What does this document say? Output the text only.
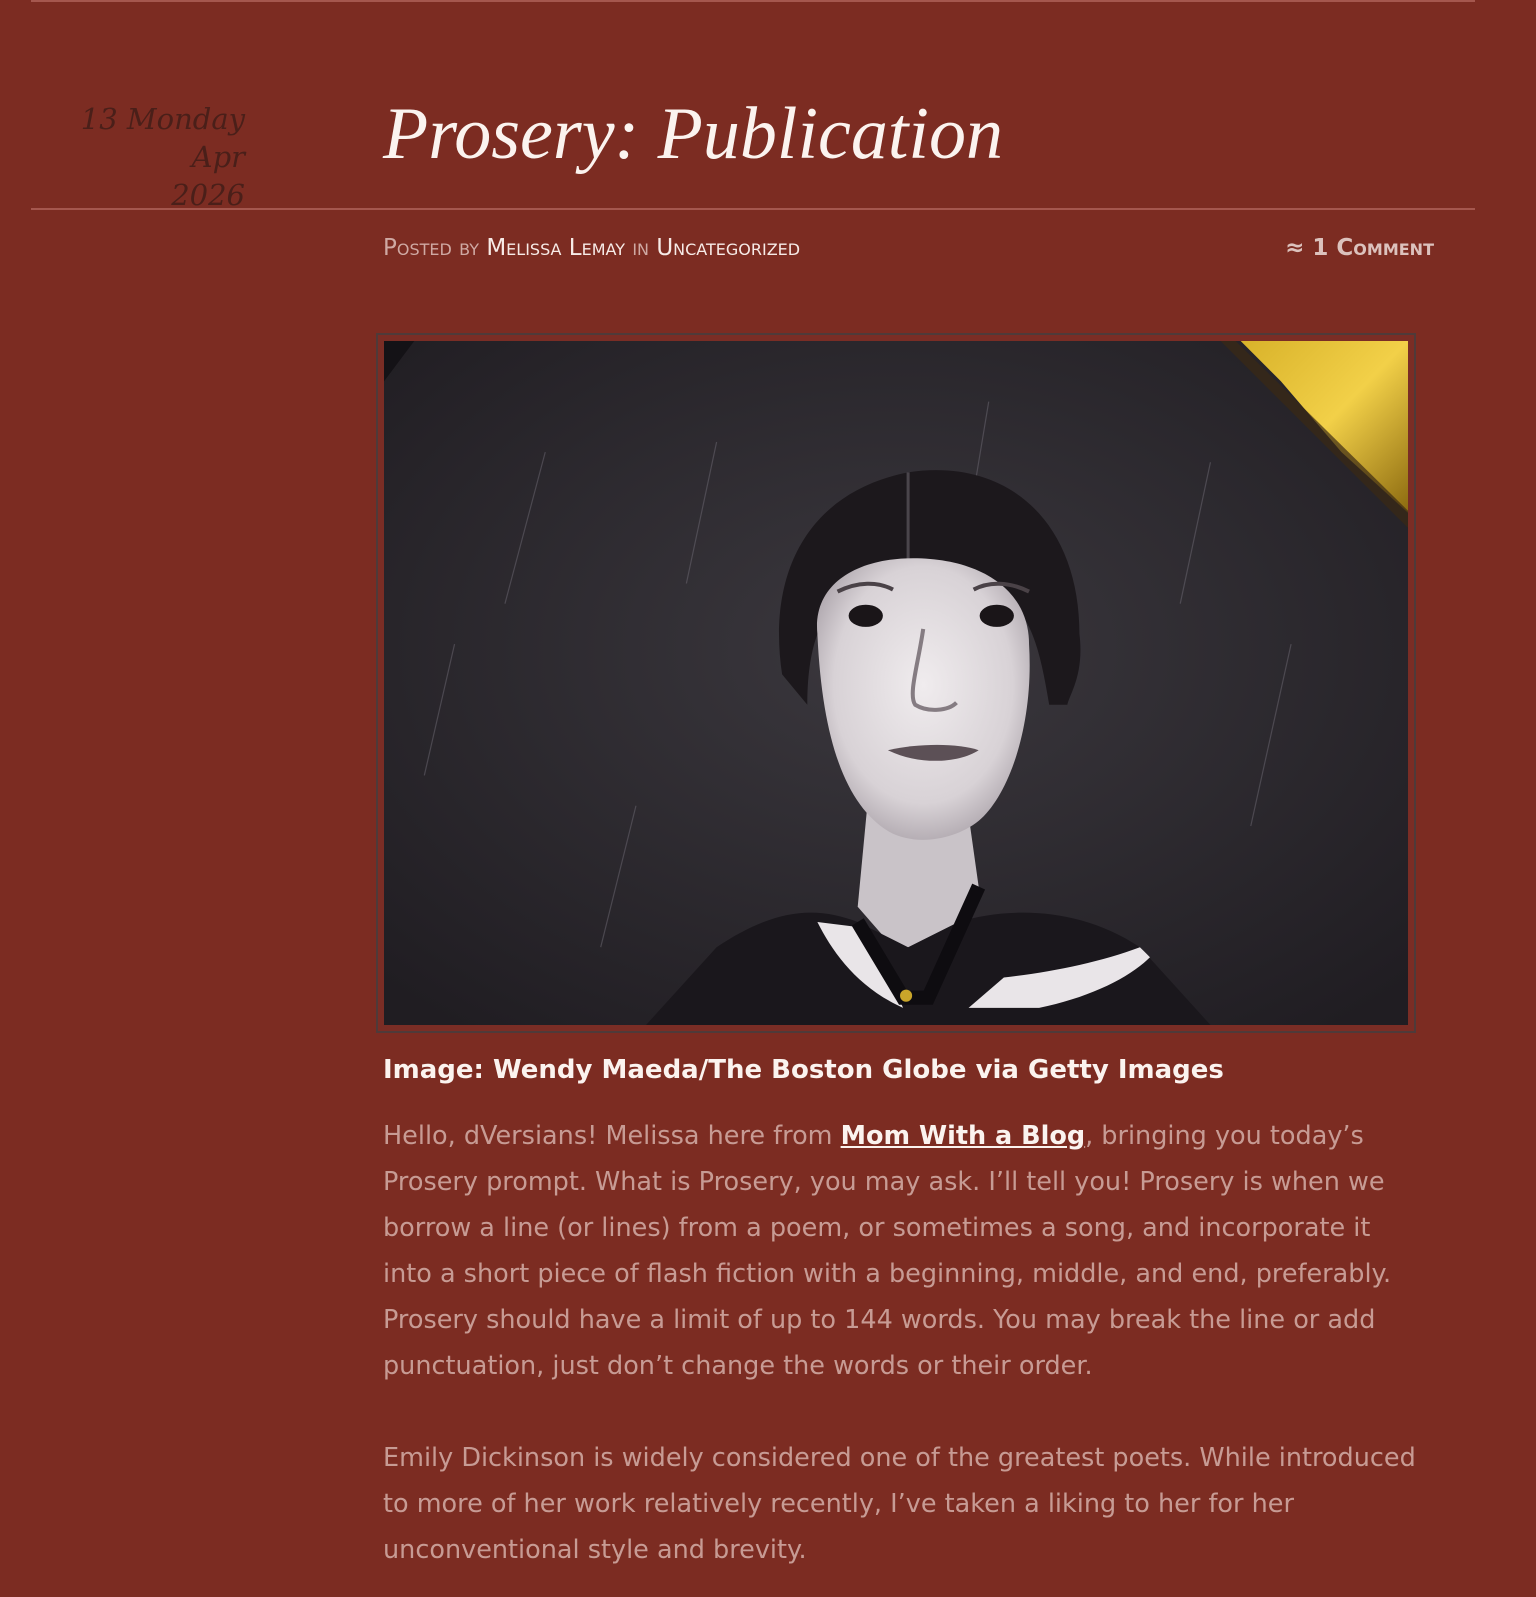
13 Monday Apr
2026
Prosery: Publication
Posted by Melissa Lemay in Uncategorized	≈ 1 Comment
Image: Wendy Maeda/The Boston Globe via Getty Images

Hello, dVersians! Melissa here from Mom With a Blog, bringing you today’s Prosery prompt. What is Prosery, you may ask. I’ll tell you! Prosery is when we borrow a line (or lines) from a poem, or sometimes a song, and incorporate it into a short piece of flash fiction with a beginning, middle, and end, preferably. Prosery should have a limit of up to 144 words. You may break the line or add punctuation, just don’t change the words or their order.

Emily Dickinson is widely considered one of the greatest poets. While introduced to more of her work relatively recently, I’ve taken a liking to her for her unconventional style and brevity.
